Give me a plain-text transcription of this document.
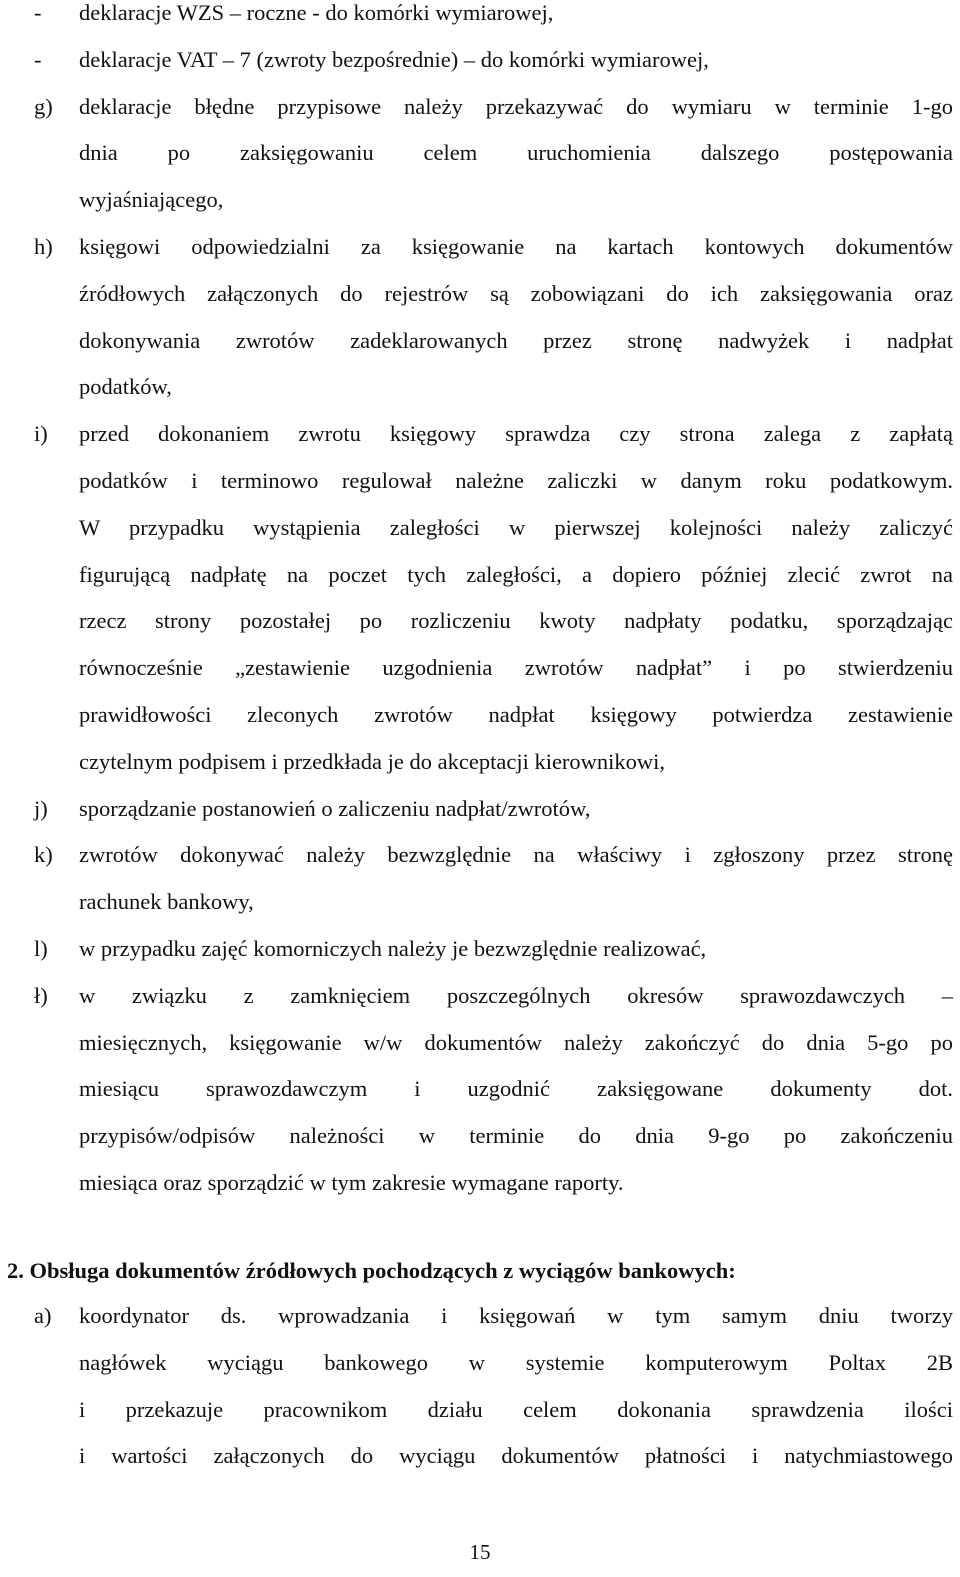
- deklaracje WZS – roczne - do komórki wymiarowej,
- deklaracje VAT – 7 (zwroty bezpośrednie) – do komórki wymiarowej,
g) deklaracje błędne przypisowe należy przekazywać do wymiaru w terminie 1-go
dnia po zaksięgowaniu celem uruchomienia dalszego postępowania
wyjaśniającego,
h) księgowi odpowiedzialni za księgowanie na kartach kontowych dokumentów
źródłowych załączonych do rejestrów są zobowiązani do ich zaksięgowania oraz
dokonywania zwrotów zadeklarowanych przez stronę nadwyżek i nadpłat
podatków,
i) przed dokonaniem zwrotu księgowy sprawdza czy strona zalega z zapłatą
podatków i terminowo regulował należne zaliczki w danym roku podatkowym.
W przypadku wystąpienia zaległości w pierwszej kolejności należy zaliczyć
figurującą nadpłatę na poczet tych zaległości, a dopiero później zlecić zwrot na
rzecz strony pozostałej po rozliczeniu kwoty nadpłaty podatku, sporządzając
równocześnie „zestawienie uzgodnienia zwrotów nadpłat” i po stwierdzeniu
prawidłowości zleconych zwrotów nadpłat księgowy potwierdza zestawienie
czytelnym podpisem i przedkłada je do akceptacji kierownikowi,
j) sporządzanie postanowień o zaliczeniu nadpłat/zwrotów,
k) zwrotów dokonywać należy bezwzględnie na właściwy i zgłoszony przez stronę
rachunek bankowy,
l) w przypadku zajęć komorniczych należy je bezwzględnie realizować,
ł) w związku z zamknięciem poszczególnych okresów sprawozdawczych –
miesięcznych, księgowanie w/w dokumentów należy zakończyć do dnia 5-go po
miesiącu sprawozdawczym i uzgodnić zaksięgowane dokumenty dot.
przypisów/odpisów należności w terminie do dnia 9-go po zakończeniu
miesiąca oraz sporządzić w tym zakresie wymagane raporty.
2. Obsługa dokumentów źródłowych pochodzących z wyciągów bankowych:
a) koordynator ds. wprowadzania i księgowań w tym samym dniu tworzy
nagłówek wyciągu bankowego w systemie komputerowym Poltax 2B
i przekazuje pracownikom działu celem dokonania sprawdzenia ilości
i wartości załączonych do wyciągu dokumentów płatności i natychmiastowego
15
